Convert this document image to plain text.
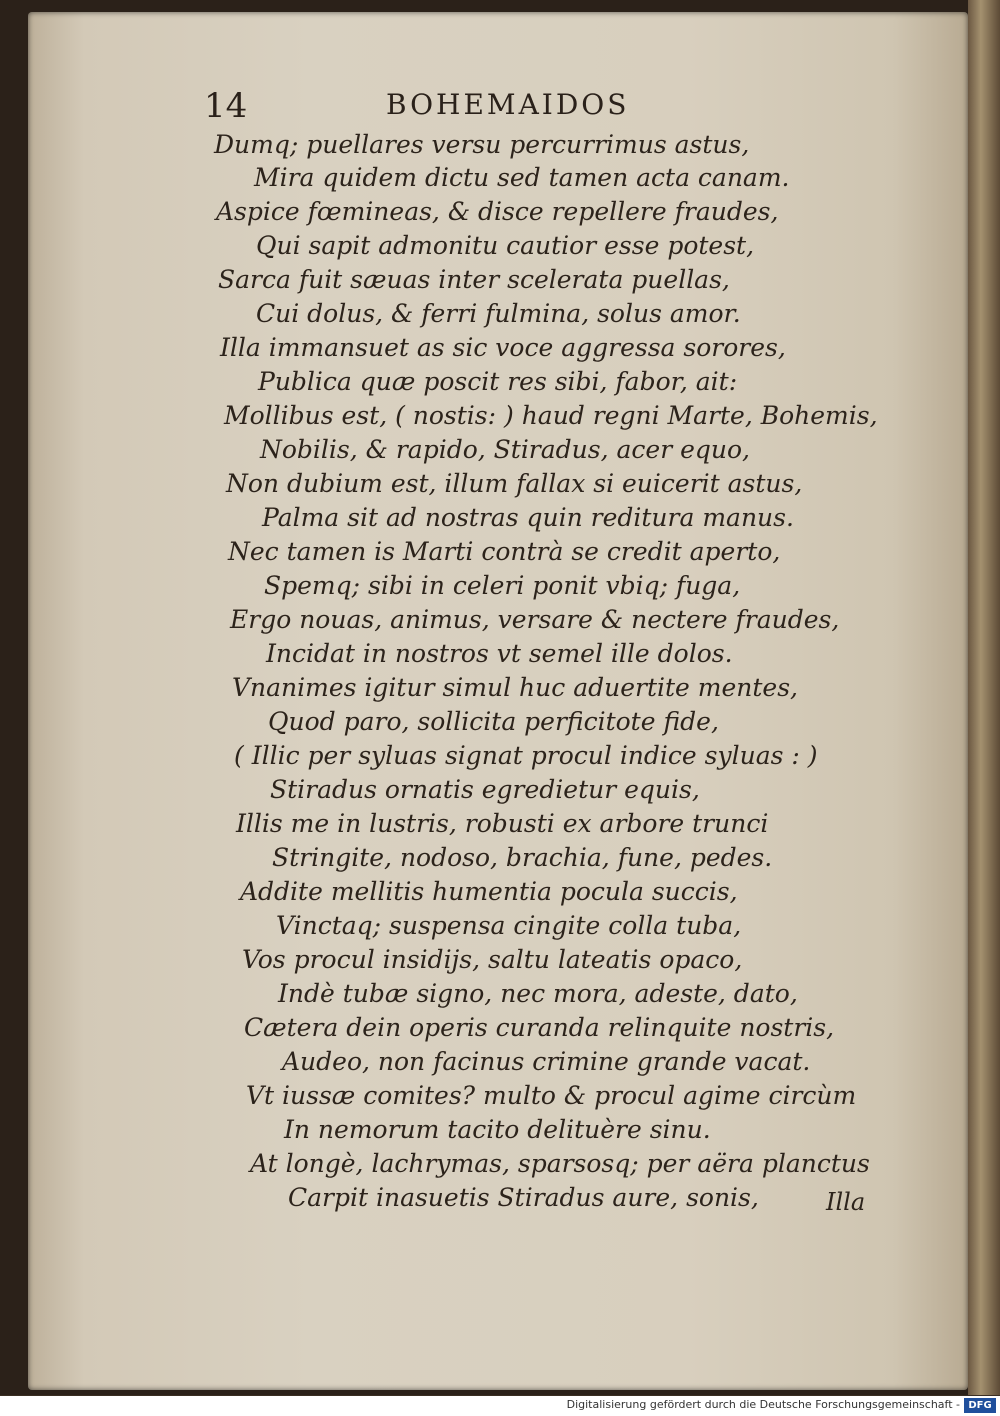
14	BOHEMAIDOS
Dumq; puellares versu percurrimus astus,
Mira quidem dictu sed tamen acta canam.
Aspice fœmineas, & disce repellere fraudes,
Qui sapit admonitu cautior esse potest,
Sarca fuit sæuas inter scelerata puellas,
Cui dolus, & ferri fulmina, solus amor.
Illa immansuet as sic voce aggressa sorores,
Publica quæ poscit res sibi, fabor, ait:
Mollibus est, ( nostis: ) haud regni Marte, Bohemis,
Nobilis, & rapido, Stiradus, acer equo,
Non dubium est, illum fallax si euicerit astus,
Palma sit ad nostras quin reditura manus.
Nec tamen is Marti contrà se credit aperto,
Spemq; sibi in celeri ponit vbiq; fuga,
Ergo nouas, animus, versare & nectere fraudes,
Incidat in nostros vt semel ille dolos.
Vnanimes igitur simul huc aduertite mentes,
Quod paro, sollicita perficitote fide,
( Illic per syluas signat procul indice syluas : )
Stiradus ornatis egredietur equis,
Illis me in lustris, robusti ex arbore trunci
Stringite, nodoso, brachia, fune, pedes.
Addite mellitis humentia pocula succis,
Vinctaq; suspensa cingite colla tuba,
Vos procul insidijs, saltu lateatis opaco,
Indè tubæ signo, nec mora, adeste, dato,
Cætera dein operis curanda relinquite nostris,
Audeo, non facinus crimine grande vacat.
Vt iussæ comites? multo & procul agime circùm
In nemorum tacito delituère sinu.
At longè, lachrymas, sparsosq; per aëra planctus
Carpit inasuetis Stiradus aure, sonis,	Illa
Digitalisierung gefördert durch die Deutsche Forschungsgemeinschaft - DFG
